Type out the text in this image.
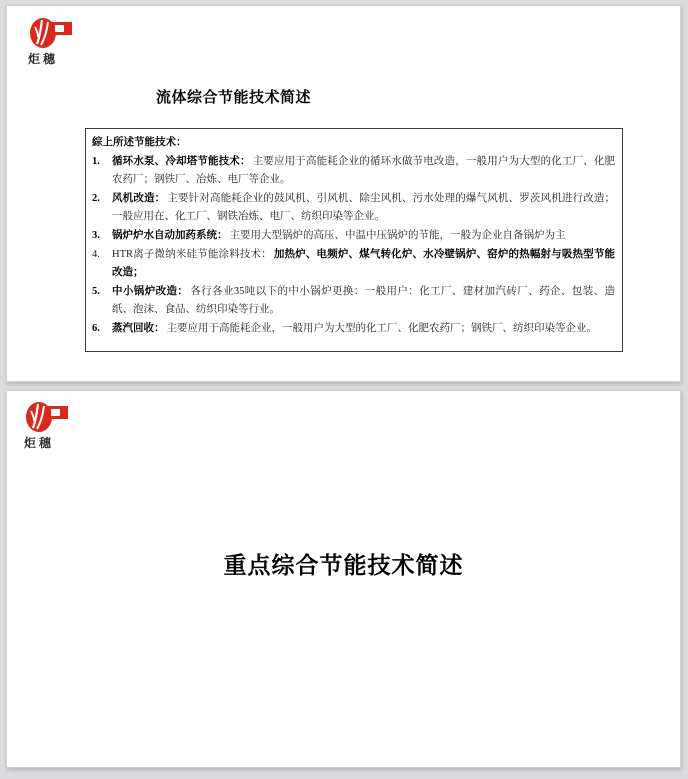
炬穗
流体综合节能技术简述
綜上所述节能技术：
1. 循环水泵、冷却塔节能技术： 主要应用于高能耗企业的循环水做节电改造，一般用户为大型的化工厂、化肥农药厂；钢铁厂、冶炼、电厂等企业。
2. 风机改造： 主要针对高能耗企业的鼓风机、引风机、除尘风机、污水处理的爆气风机、罗茨风机进行改造；一般应用在、化工厂、钢铁冶炼、电厂、纺织印染等企业。
3. 锅炉炉水自动加药系统： 主要用大型锅炉的高压、中温中压锅炉的节能，一般为企业自备锅炉为主
4. HTR离子微纳米硅节能涂料技术： 加热炉、电频炉、煤气转化炉、水冷壁锅炉、窑炉的热幅射与吸热型节能改造；
5. 中小锅炉改造： 各行各业35吨以下的中小锅炉更换：一般用户：化工厂、建材加汽砖厂、药企、包装、造纸、泡沫、食品、纺织印染等行业。
6. 蒸汽回收： 主要应用于高能耗企业，一般用户为大型的化工厂、化肥农药厂；钢铁厂、纺织印染等企业。
炬穗
重点综合节能技术简述
